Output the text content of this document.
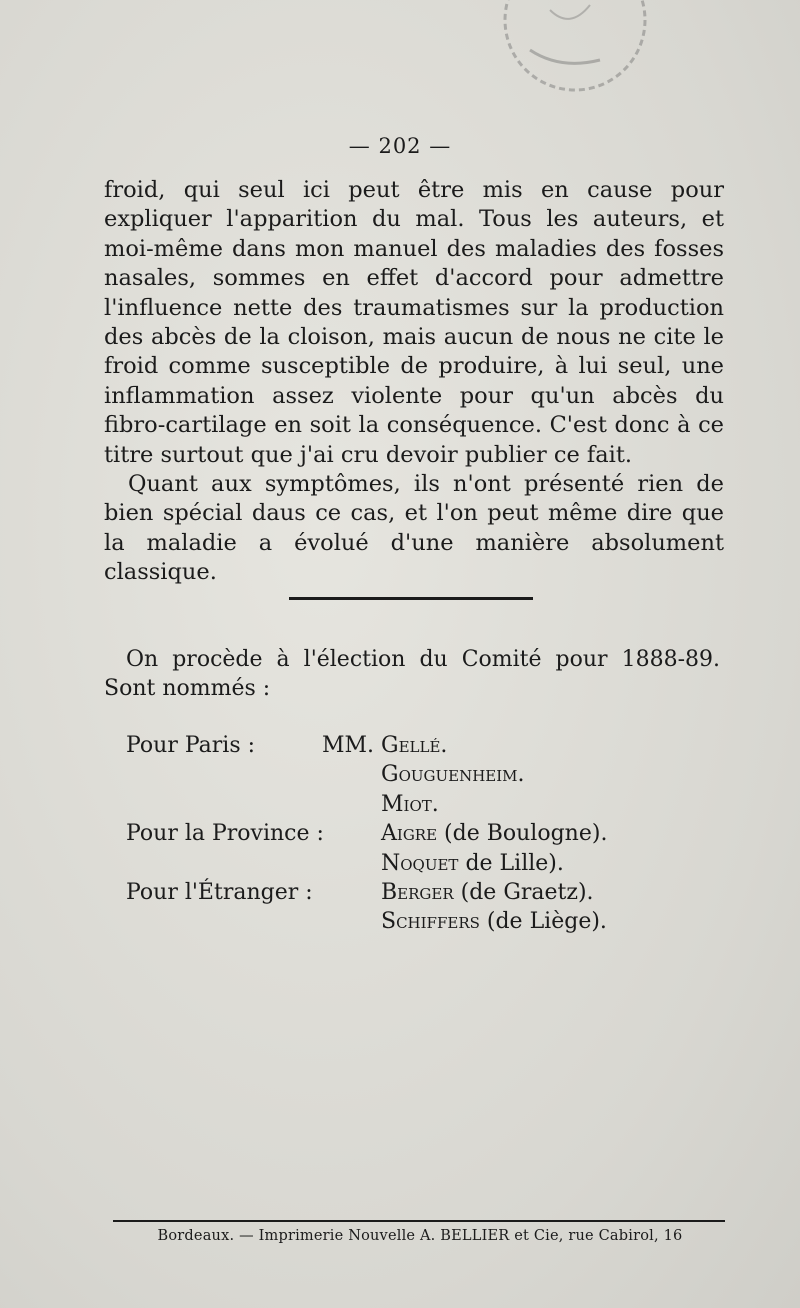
— 202 —

froid, qui seul ici peut être mis en cause pour expliquer l'apparition du mal. Tous les auteurs, et moi-même dans mon manuel des maladies des fosses nasales, sommes en effet d'accord pour admettre l'influence nette des traumatismes sur la production des abcès de la cloison, mais aucun de nous ne cite le froid comme susceptible de produire, à lui seul, une inflammation assez violente pour qu'un abcès du fibro-cartilage en soit la conséquence. C'est donc à ce titre surtout que j'ai cru devoir publier ce fait.

Quant aux symptômes, ils n'ont présenté rien de bien spécial daus ce cas, et l'on peut même dire que la maladie a évolué d'une manière absolument classique.

On procède à l'élection du Comité pour 1888-89. Sont nommés :

Pour Paris :	MM. Gellé.
Gouguenheim.
Miot.
Pour la Province :	Aigre (de Boulogne).
Noquet de Lille).
Pour l'Étranger :	Berger (de Graetz).
Schiffers (de Liège).
Bordeaux. — Imprimerie Nouvelle A. BELLIER et Cie, rue Cabirol, 16
